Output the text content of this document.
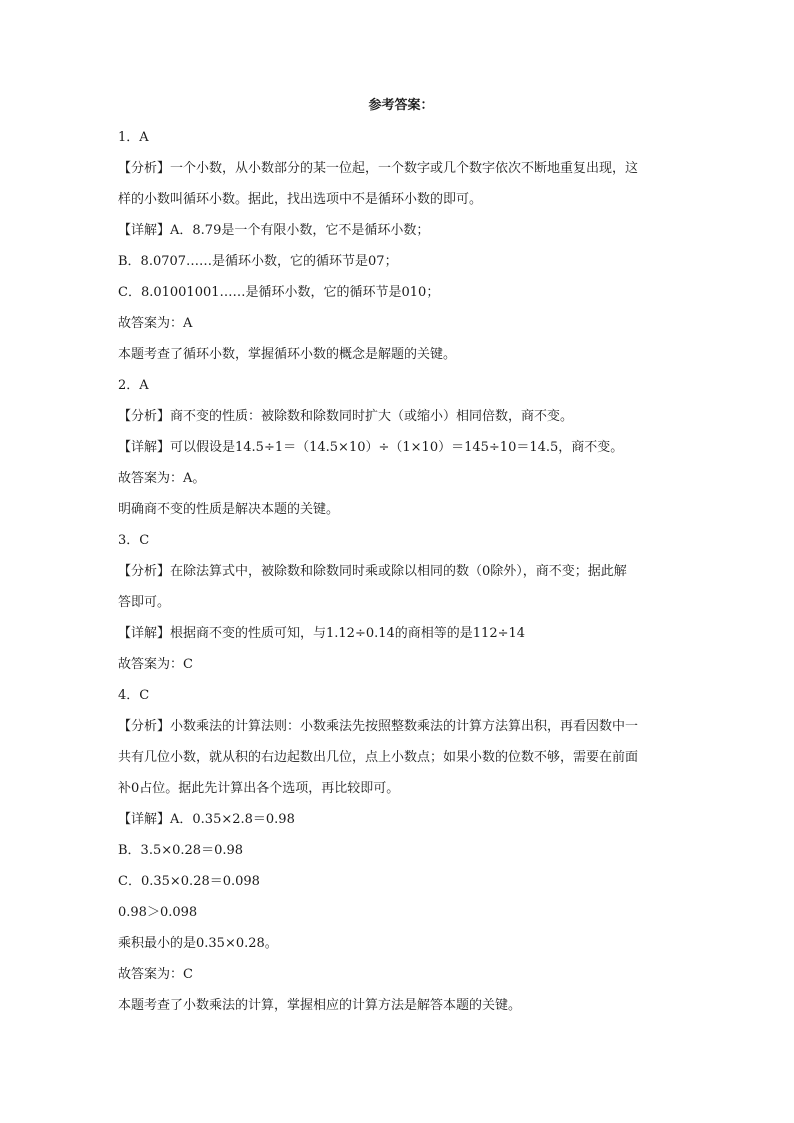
参考答案：
1．A
【分析】一个小数，从小数部分的某一位起，一个数字或几个数字依次不断地重复出现，这
样的小数叫循环小数。据此，找出选项中不是循环小数的即可。
【详解】A．8.79是一个有限小数，它不是循环小数；
B．8.0707……是循环小数，它的循环节是07；
C．8.01001001……是循环小数，它的循环节是010；
故答案为：A
本题考查了循环小数，掌握循环小数的概念是解题的关键。
2．A
【分析】商不变的性质：被除数和除数同时扩大（或缩小）相同倍数，商不变。
【详解】可以假设是14.5÷1＝（14.5×10）÷（1×10）＝145÷10＝14.5，商不变。
故答案为：A。
明确商不变的性质是解决本题的关键。
3．C
【分析】在除法算式中，被除数和除数同时乘或除以相同的数（0除外），商不变；据此解
答即可。
【详解】根据商不变的性质可知，与1.12÷0.14的商相等的是112÷14
故答案为：C
4．C
【分析】小数乘法的计算法则：小数乘法先按照整数乘法的计算方法算出积，再看因数中一
共有几位小数，就从积的右边起数出几位，点上小数点；如果小数的位数不够，需要在前面
补0占位。据此先计算出各个选项，再比较即可。
【详解】A．0.35×2.8＝0.98
B．3.5×0.28＝0.98
C．0.35×0.28＝0.098
0.98＞0.098
乘积最小的是0.35×0.28。
故答案为：C
本题考查了小数乘法的计算，掌握相应的计算方法是解答本题的关键。
